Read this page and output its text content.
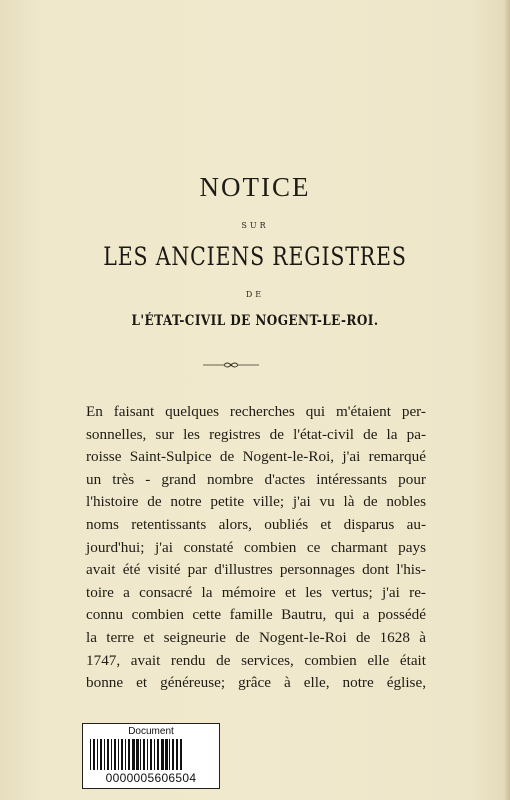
NOTICE
SUR
LES ANCIENS REGISTRES
DE
L'ÉTAT-CIVIL DE NOGENT-LE-ROI.
En faisant quelques recherches qui m'étaient per-
sonnelles, sur les registres de l'état-civil de la pa-
roisse Saint-Sulpice de Nogent-le-Roi, j'ai remarqué
un très - grand nombre d'actes intéressants pour
l'histoire de notre petite ville; j'ai vu là de nobles
noms retentissants alors, oubliés et disparus au-
jourd'hui; j'ai constaté combien ce charmant pays
avait été visité par d'illustres personnages dont l'his-
toire a consacré la mémoire et les vertus; j'ai re-
connu combien cette famille Bautru, qui a possédé
la terre et seigneurie de Nogent-le-Roi de 1628 à
1747, avait rendu de services, combien elle était
bonne et généreuse; grâce à elle, notre église,
Document
0000005606504
